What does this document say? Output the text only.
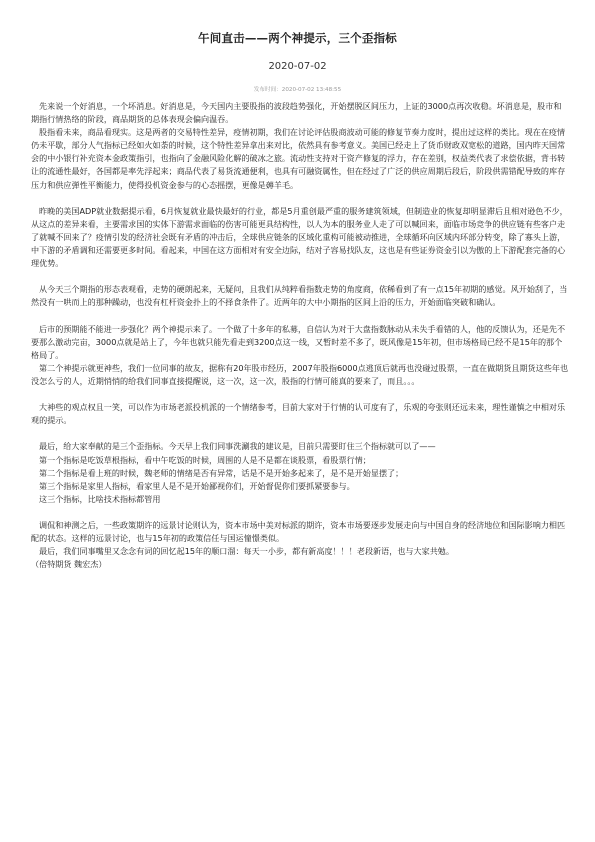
午间直击——两个神提示，三个歪指标
2020-07-02
发布时间：2020-07-02 13:48:55

先来说一个好消息，一个坏消息。好消息是，今天国内主要股指的波段趋势强化，开始摆脱区间压力，上证的3000点再次收稳。坏消息是，股市和期指行情热络的阶段，商品期货的总体表现会偏向温吞。

股指看未来，商品看现实。这是两者的交易特性差异，疫情初期，我们在讨论评估股商波动可能的修复节奏力度时，提出过这样的类比。现在在疫情仍未平歇，部分人气指标已经如火如荼的时候，这个特性差异拿出来对比，依然具有参考意义。美国已经走上了货币财政双宽松的道路，国内昨天国常会的中小银行补充资本金政策指引，也指向了金融风险化解的破冰之旅。流动性支持对于资产修复的浮力，存在差别，权益类代表了求偿依据，背书转让的流通性最好，各国都是率先浮起来；商品代表了易货流通便利，也具有可融资属性，但在经过了广泛的供应周期后段后，阶段供需错配导致的库存压力和供应弹性平衡能力，使得投机资金参与的心态摇摆，更像是薅羊毛。

昨晚的美国ADP就业数据提示看，6月恢复就业最快最好的行业，都是5月重创最严重的服务建筑领域，但制造业的恢复却明显滞后且相对逊色不少，从这点的差异来看，主要需求国的实体下游需求面临的伤害可能更具结构性，以人为本的服务业人走了可以喊回来，面临市场竞争的供应链有些客户走了就喊不回来了？疫情引发的经济社会既有矛盾的冲击后，全球供应链条的区域化重构可能被动推进，全球循环向区域内环部分转变，除了寡头上游，中下游的矛盾调和还需要更多时间。看起来，中国在这方面相对有安全边际，结对子容易找队友，这也是有些证券资金引以为傲的上下游配套完备的心理优势。

从今天三个期指的形态表观看，走势的硬朗起来，无疑问，且我们从纯粹看指数走势的角度商，依稀看到了有一点15年初期的感觉。风开始刮了，当然没有一哄而上的那种躁动，也没有杠杆资金扑上的不择食条件了。近两年的大中小期指的区间上沿的压力，开始面临突破和确认。

后市的预期能不能进一步强化？两个神提示来了。一个做了十多年的私募，自信认为对于大盘指数脉动从未失手看错的人，他的反馈认为，还是先不要那么激动完亩，3000点就是站上了，今年也就只能先看走到3200点这一线，又暂时差不多了，既风像是15年初，但市场格局已经不是15年的那个格局了。

第二个神提示就更神些，我们一位同事的故友，据称有20年股市经历，2007年股指6000点逃顶后就再也没碰过股票，一直在做期货且期货这些年也没怎么亏的人，近期悄悄的给我们同事直接提醒说，这一次，这一次，股指的行情可能真的要来了，而且。。。

大神些的观点权且一笑，可以作为市场老派投机派的一个情绪参考，目前大家对于行情的认可度有了，乐观的夸张则还远未来，理性谨慎之中相对乐观的提示。

最后，给大家奉献的是三个歪指标。今天早上我们同事洗涮我的建议是，目前只需要盯住三个指标就可以了——

第一个指标是吃饭草根指标，看中午吃饭的时候，周围的人是不是都在谈股票，看股票行情；

第二个指标是看上班的时候，魏老师的情绪是否有异常，话是不是开始多起来了，是不是开始显摆了；

第三个指标是家里人指标，看家里人是不是开始鄙视你们，开始督促你们要抓紧要参与。

这三个指标，比啥技术指标都管用

调侃和神测之后，一些政策期许的远景讨论则认为，资本市场中美对标派的期许，资本市场要逐步发展走向与中国自身的经济地位和国际影响力相匹配的状态。这样的远景讨论，也与15年初的政策信任与国运憧憬类似。

最后，我们同事嘴里又念念有词的回忆起15年的顺口溜：每天一小步，都有新高度！！！老段新语，也与大家共勉。

（倍特期货 魏宏杰）
